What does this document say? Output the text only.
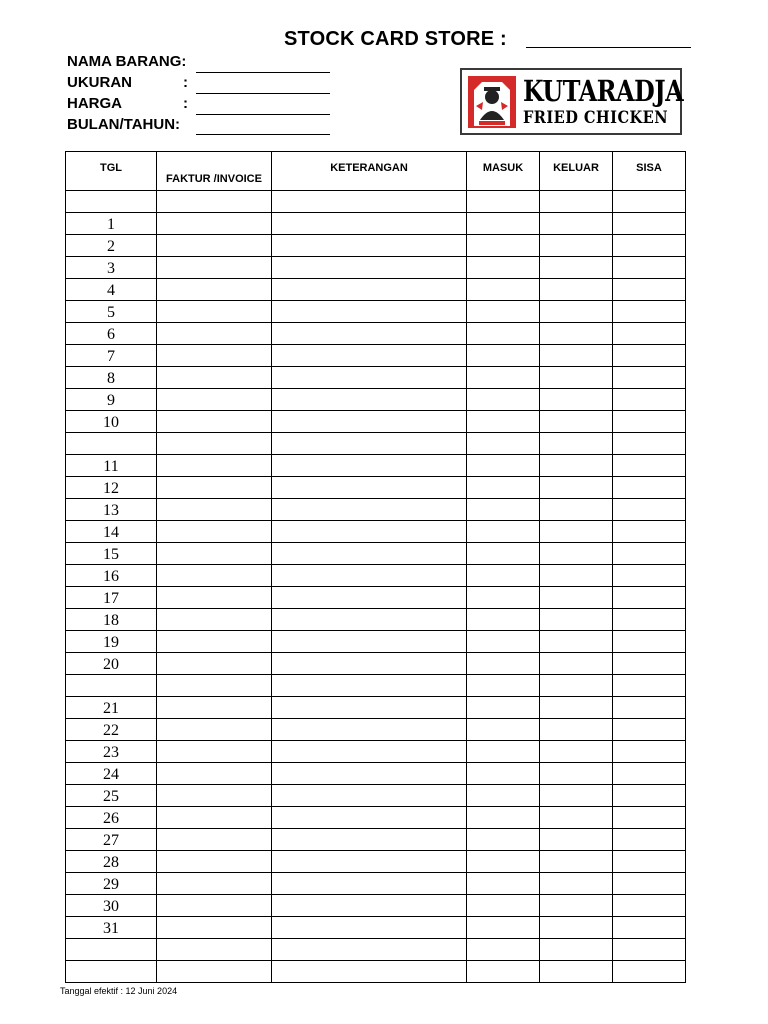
STOCK CARD STORE :
NAMA BARANG:
UKURAN	:
HARGA	:
BULAN/TAHUN:
KUTARADJA
FRIED CHICKEN
TGL	FAKTUR /INVOICE	KETERANGAN	MASUK	KELUAR	SISA

1					
2					
3					
4					
5					
6					
7					
8					
9					
10					

11					
12					
13					
14					
15					
16					
17					
18					
19					
20					

21					
22					
23					
24					
25					
26					
27					
28					
29					
30					
31					

Tanggal efektif : 12 Juni 2024
